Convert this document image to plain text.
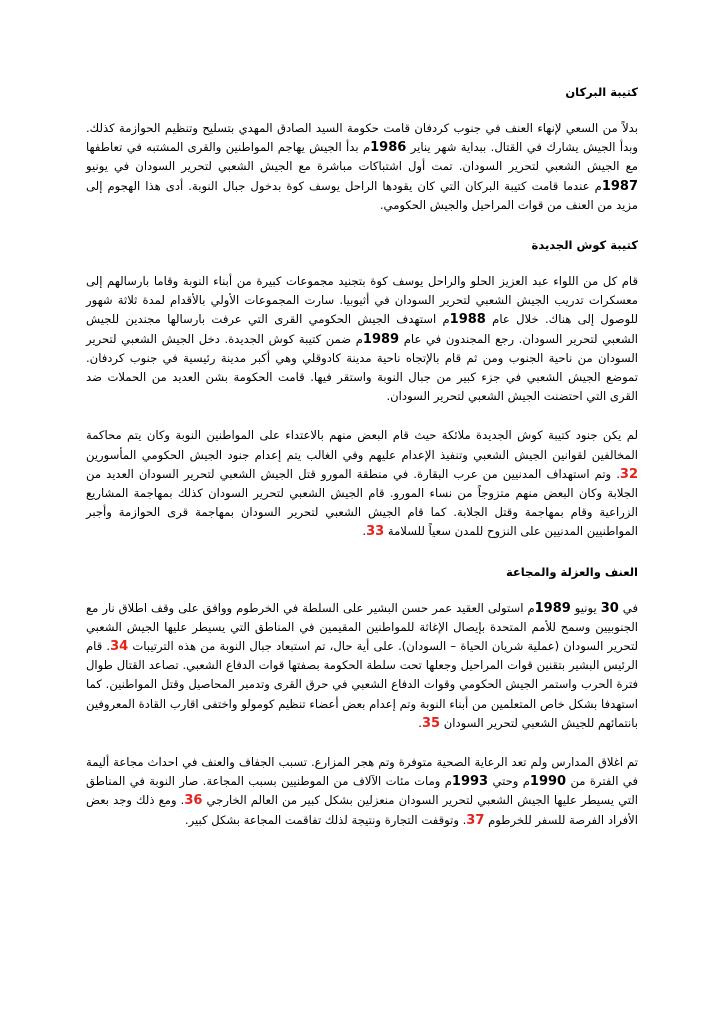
كتيبة البركان

بدلاً من السعي لإنهاء العنف في جنوب كردفان قامت حكومة السيد الصادق المهدي بتسليح وتنظيم الحوازمة كذلك. وبدأ الجيش يشارك في القتال. ببداية شهر يناير 1986م بدأ الجيش يهاجم المواطنين والقرى المشتبه في تعاطفها مع الجيش الشعبي لتحرير السودان. تمت أول اشتباكات مباشرة مع الجيش الشعبي لتحرير السودان في يونيو 1987م عندما قامت كتيبة البركان التي كان يقودها الراحل يوسف كوة بدخول جبال النوبة. أدى هذا الهجوم إلى مزيد من العنف من قوات المراحيل والجيش الحكومي.

كتيبة كوش الجديدة

قام كل من اللواء عبد العزيز الحلو والراحل يوسف كوة بتجنيد مجموعات كبيرة من أبناء النوبة وقاما بارسالهم إلى معسكرات تدريب الجيش الشعبي لتحرير السودان في أثيوبيا. سارت المجموعات الأولي بالأقدام لمدة ثلاثة شهور للوصول إلى هناك. خلال عام 1988م استهدف الجيش الحكومي القرى التي عرفت بارسالها مجندين للجيش الشعبي لتحرير السودان. رجع المجندون في عام 1989م ضمن كتيبة كوش الجديدة. دخل الجيش الشعبي لتحرير السودان من ناحية الجنوب ومن ثم قام بالإتجاه ناحية مدينة كادوقلي وهي أكبر مدينة رئيسية في جنوب كردفان. تموضع الجيش الشعبي في جزء كبير من جبال النوبة واستقر فيها. قامت الحكومة بشن العديد من الحملات ضد القرى التي احتضنت الجيش الشعبي لتحرير السودان.

لم يكن جنود كتيبة كوش الجديدة ملائكة حيث قام البعض منهم بالاعتداء على المواطنين النوبة وكان يتم محاكمة المخالفين لقوانين الجيش الشعبي وتنفيذ الإعدام عليهم وفي الغالب يتم إعدام جنود الجيش الحكومي المأسورين 32. وتم استهداف المدنيين من عرب البقارة. في منطقة المورو قتل الجيش الشعبي لتحرير السودان العديد من الجلابة وكان البعض منهم متزوجاً من نساء المورو. قام الجيش الشعبي لتحرير السودان كذلك بمهاجمة المشاريع الزراعية وقام بمهاجمة وقتل الجلابة. كما قام الجيش الشعبي لتحرير السودان بمهاجمة قرى الحوازمة وأجبر المواطنيين المدنيين على النزوح للمدن سعياً للسلامة 33.

العنف والعزلة والمجاعة

في 30 يونيو 1989م استولى العقيد عمر حسن البشير على السلطة في الخرطوم ووافق على وقف اطلاق نار مع الجنوبيين وسمح للأمم المتحدة بإيصال الإغاثة للمواطنين المقيمين في المناطق التي يسيطر عليها الجيش الشعبي لتحرير السودان (عملية شريان الحياة – السودان). على أية حال، تم استبعاد جبال النوبة من هذه الترتيبات 34. قام الرئيس البشير بتقنين قوات المراحيل وجعلها تحت سلطة الحكومة بصفتها قوات الدفاع الشعبي. تصاعد القتال طوال فترة الحرب واستمر الجيش الحكومي وقوات الدفاع الشعبي في حرق القرى وتدمير المحاصيل وقتل المواطنين. كما استهدفا بشكل خاص المتعلمين من أبناء النوبة وتم إعدام بعض أعضاء تنظيم كومولو واختفى اقارب القادة المعروفين بانتمائهم للجيش الشعبي لتحرير السودان 35.

تم اغلاق المدارس ولم تعد الرعاية الصحية متوفرة وتم هجر المزارع. تسبب الجفاف والعنف في احداث مجاعة أليمة في الفترة من 1990م وحتي 1993م ومات مئات الآلاف من الموطنيين بسبب المجاعة. صار النوبة في المناطق التي يسيطر عليها الجيش الشعبي لتحرير السودان منعزلين بشكل كبير من العالم الخارجي 36. ومع ذلك وجد بعض الأفراد الفرصة للسفر للخرطوم 37. وتوقفت التجارة ونتيجة لذلك تفاقمت المجاعة بشكل كبير.
